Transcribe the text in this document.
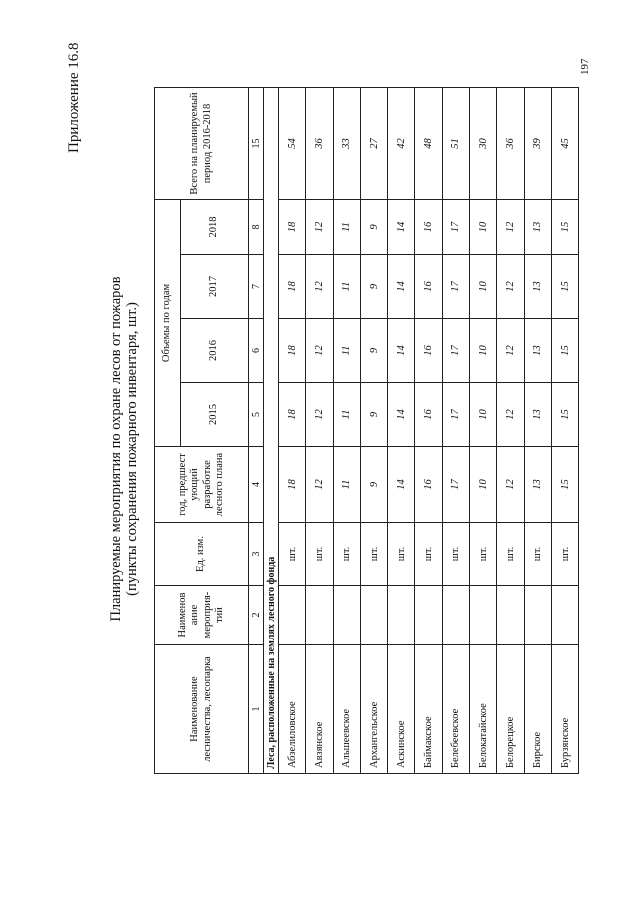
Приложение 16.8	197
Планируемые мероприятия по охране лесов от пожаров (пункты сохранения пожарного инвентаря, шт.)
Наименование лесничества, лесопарка	Наименов ание мероприя- тий	Ед. изм.	год, предшест ующий разработке лесного плана	Объемы по годам				Всего на планируемый период 2016-2018
				2015	2016	2017	2018	
1	2	3	4	5	6	7	8	15
Леса, расположенные на землях лесного фонда								
Абзелиловское		шт.	18	18	18	18	18	54
Авзянское		шт.	12	12	12	12	12	36
Альшеевское		шт.	11	11	11	11	11	33
Архангельское		шт.	9	9	9	9	9	27
Аскинское		шт.	14	14	14	14	14	42
Баймакское		шт.	16	16	16	16	16	48
Белебеевское		шт.	17	17	17	17	17	51
Белокатайское		шт.	10	10	10	10	10	30
Белорецкое		шт.	12	12	12	12	12	36
Бирское		шт.	13	13	13	13	13	39
Бурзянское		шт.	15	15	15	15	15	45
